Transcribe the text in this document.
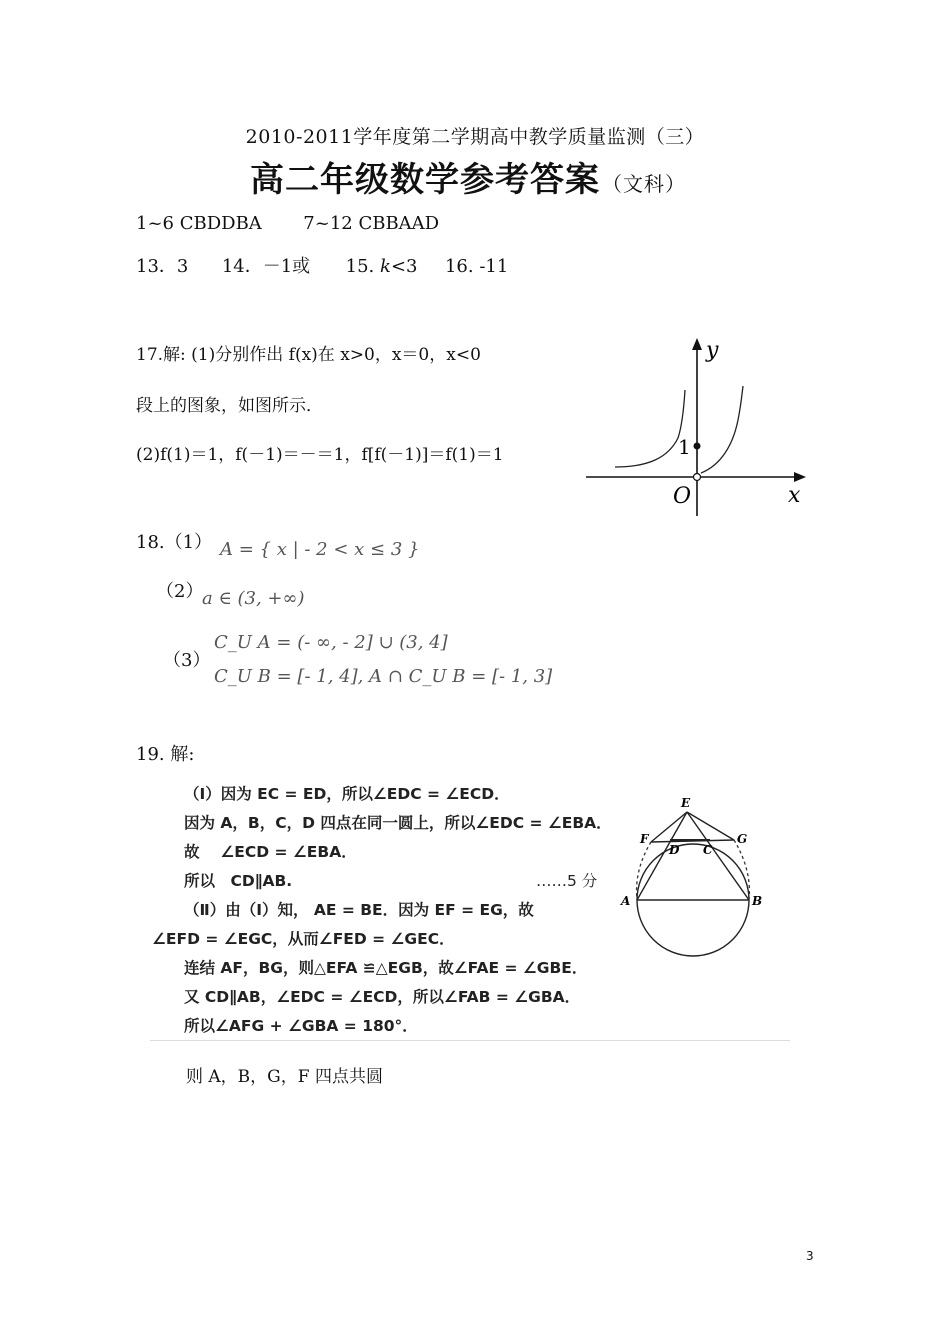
2010-2011学年度第二学期高中教学质量监测（三）
高二年级数学参考答案 （文科）
1~6 CBDDBA 7~12 CBBAAD
13．3 14．－1或 15. k<3 16. -11
17.解: (1)分别作出 f(x)在 x>0，x＝0，x<0
段上的图象，如图所示．
(2)f(1)＝1，f(－1)＝－＝1，f[f(－1)]＝f(1)＝1
y
x
O
1
18.（1） A = { x | - 2 < x ≤ 3 }
（2）
a ∈ (3, +∞)
（3）
C_U A = (- ∞, - 2] ∪ (3, 4]
C_U B = [- 1, 4], A ∩ C_U B = [- 1, 3]
19. 解:
（Ⅰ）因为 EC = ED，所以∠EDC = ∠ECD．
因为 A，B，C，D 四点在同一圆上，所以∠EDC = ∠EBA．
故　 ∠ECD = ∠EBA．
所以　CD∥AB.	……5 分
（Ⅱ）由（Ⅰ）知， AE = BE．因为 EF = EG，故
∠EFD = ∠EGC，从而∠FED = ∠GEC．
连结 AF，BG，则△EFA ≌△EGB，故∠FAE = ∠GBE．
又 CD∥AB，∠EDC = ∠ECD，所以∠FAB = ∠GBA．
所以∠AFG + ∠GBA = 180°．
E
F	G
D C
A	B
则 A，B，G，F 四点共圆
3
